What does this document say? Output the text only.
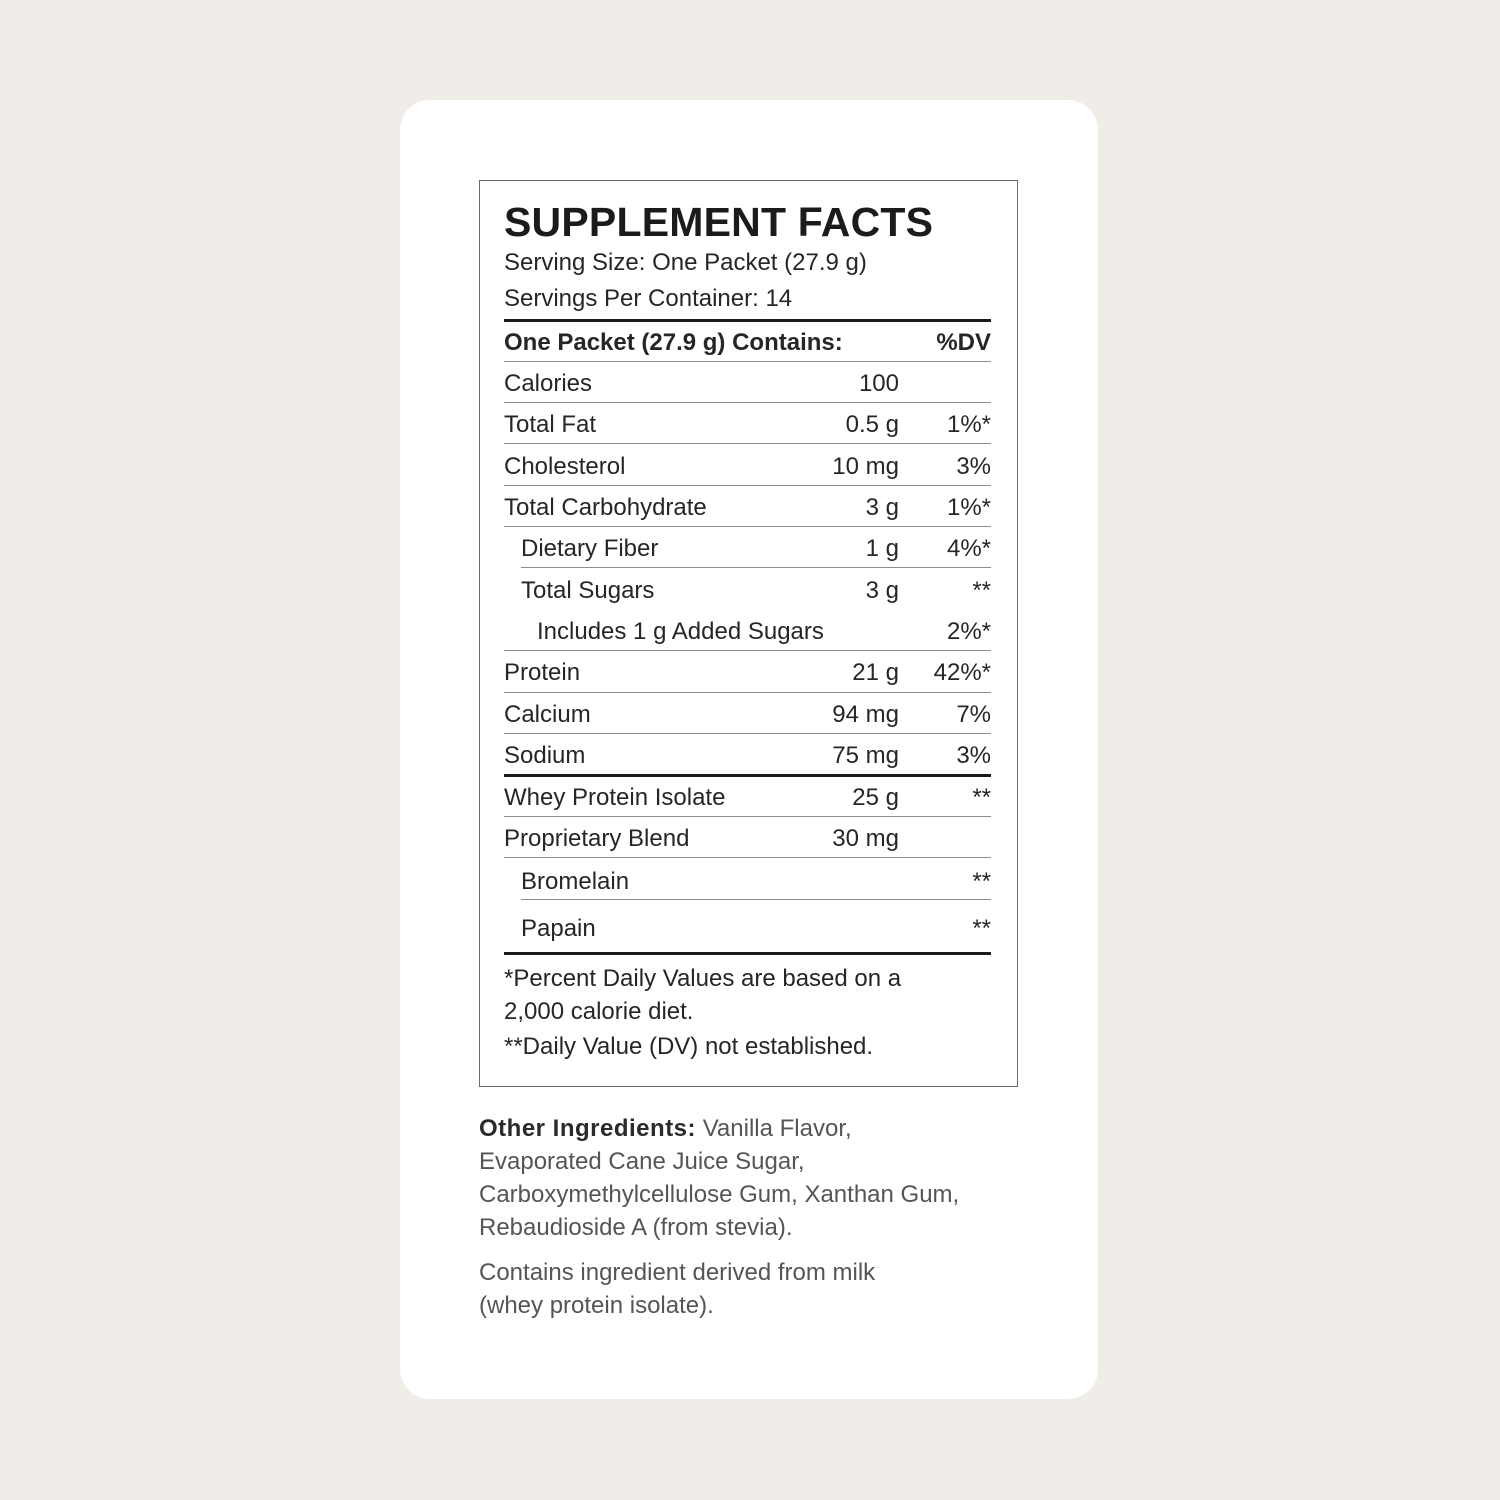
SUPPLEMENT FACTS
Serving Size: One Packet (27.9 g)
Servings Per Container: 14
One Packet (27.9 g) Contains:	%DV
Calories	100
Total Fat	0.5 g 1%*
Cholesterol	10 mg 3%
Total Carbohydrate	3 g 1%*
Dietary Fiber	1 g 4%*
Total Sugars	3 g	**
Includes 1 g Added Sugars	2%*
Protein	21 g 42%*
Calcium	94 mg 7%
Sodium	75 mg 3%
Whey Protein Isolate	25 g	**
Proprietary Blend	30 mg
Bromelain	**
Papain	**
*Percent Daily Values are based on a 2,000 calorie diet.
**Daily Value (DV) not established.

Other Ingredients: Vanilla Flavor, Evaporated Cane Juice Sugar, Carboxymethylcellulose Gum, Xanthan Gum, Rebaudioside A (from stevia).

Contains ingredient derived from milk (whey protein isolate).
